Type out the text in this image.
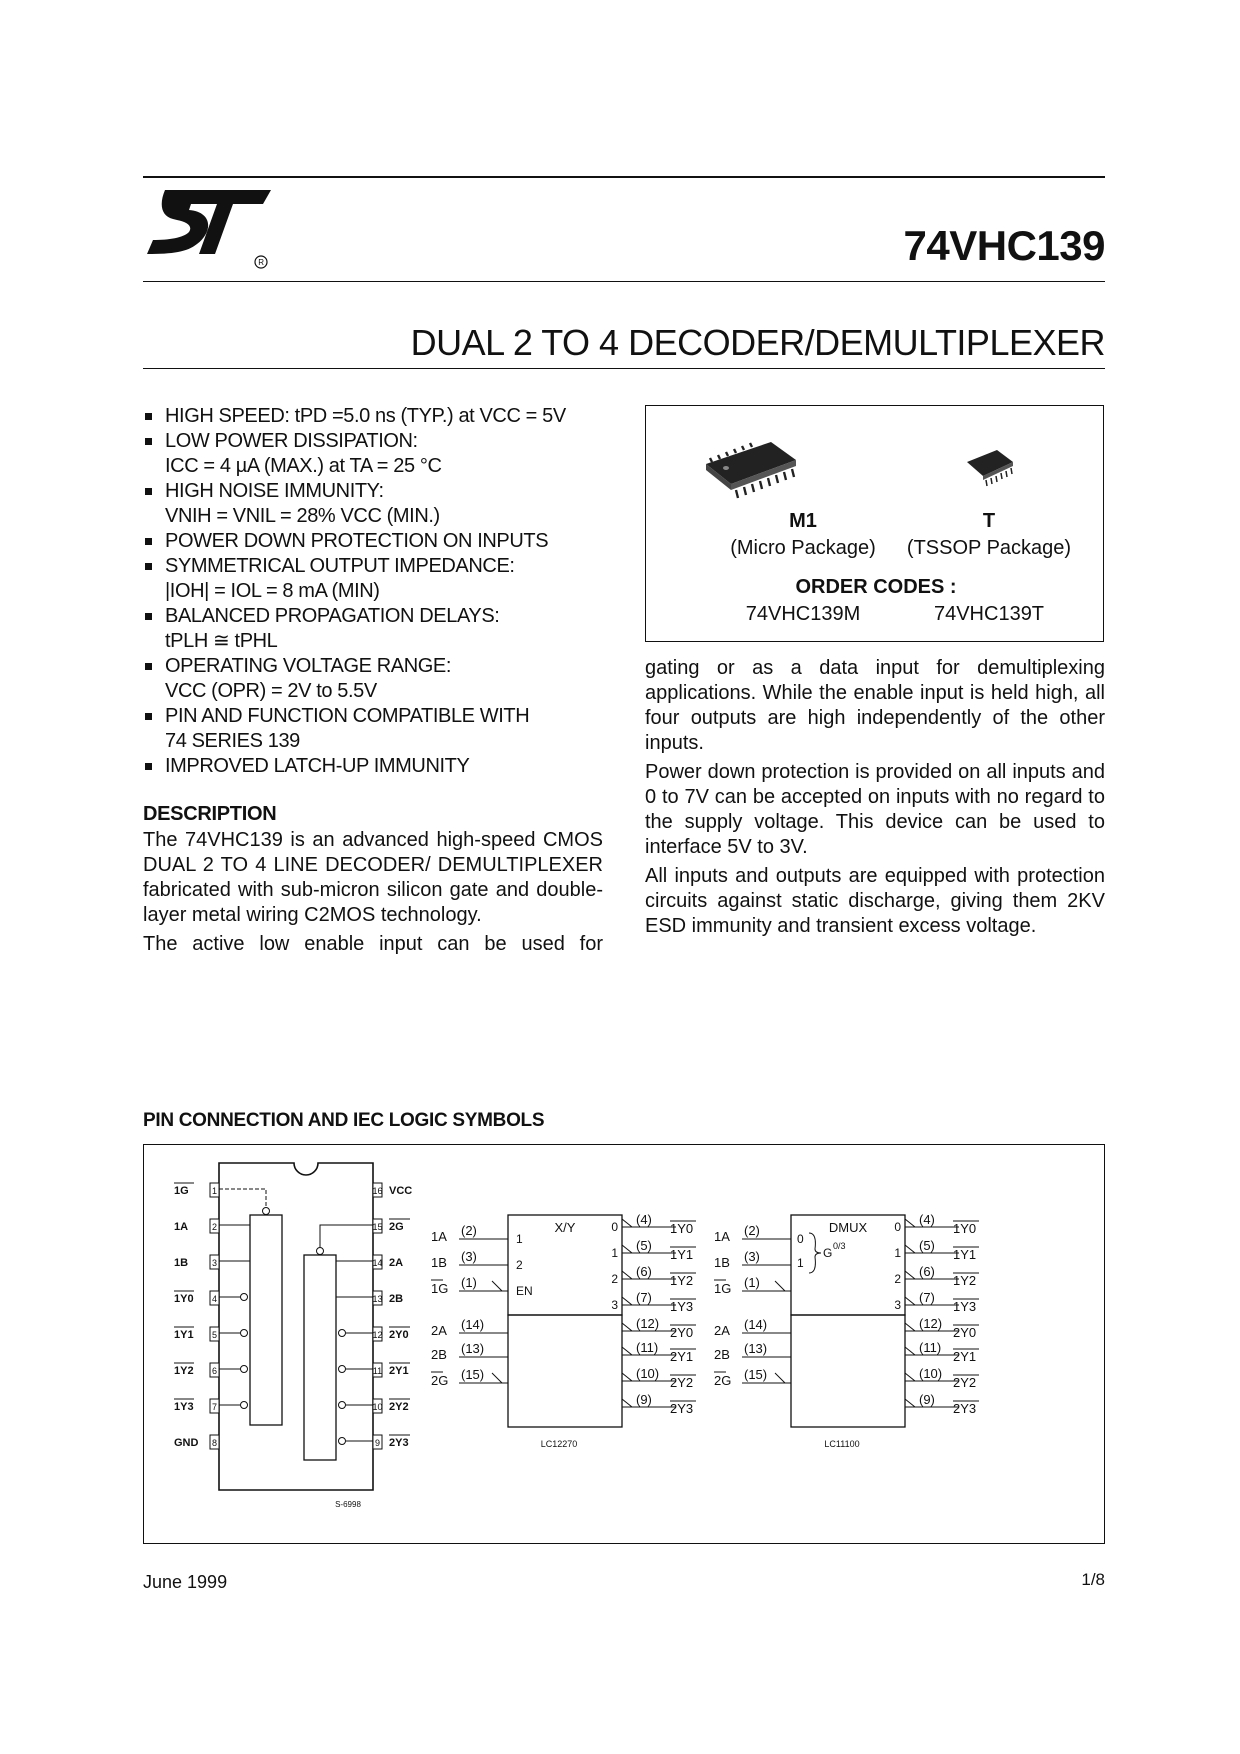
R	74VHC139
DUAL 2 TO 4 DECODER/DEMULTIPLEXER
HIGH SPEED: tPD =5.0 ns (TYP.) at VCC = 5V
LOW POWER DISSIPATION:
ICC = 4 µA (MAX.) at TA = 25 °C
HIGH NOISE IMMUNITY:
VNIH = VNIL = 28% VCC (MIN.)
POWER DOWN PROTECTION ON INPUTS
SYMMETRICAL OUTPUT IMPEDANCE:
|IOH| = IOL = 8 mA (MIN)
BALANCED PROPAGATION DELAYS:
tPLH ≅ tPHL
OPERATING VOLTAGE RANGE:
VCC (OPR) = 2V to 5.5V
PIN AND FUNCTION COMPATIBLE WITH
74 SERIES 139
IMPROVED LATCH-UP IMMUNITY
M1
(Micro Package)
T
(TSSOP Package)
ORDER CODES :
74VHC139M	74VHC139T
DESCRIPTION

The 74VHC139 is an advanced high-speed CMOS DUAL 2 TO 4 LINE DECODER/ DEMULTIPLEXER fabricated with sub-micron silicon gate and double-layer metal wiring C2MOS technology.

The active low enable input can be used for

gating or as a data input for demultiplexing applications. While the enable input is held high, all four outputs are high independently of the other inputs.

Power down protection is provided on all inputs and 0 to 7V can be accepted on inputs with no regard to the supply voltage. This device can be used to interface 5V to 3V.

All inputs and outputs are equipped with protection circuits against static discharge, giving them 2KV ESD immunity and transient excess voltage.

PIN CONNECTION AND IEC LOGIC SYMBOLS
1
1G	16 VCC
2
1A	15 2G
3
1B	14 2A
4
1Y0	13 2B
5
1Y1	12 2Y0
6
1Y2	11 2Y1
7
1Y3	10 2Y2
8
GND	9 2Y3
S-6998
X/Y
1A (2)
1B (3)
1G (1)
2A (14)
2B (13)
2G (15)
1
2
EN
0 (4)
1Y0
1 (5)
1Y1
2 (6)
1Y2
3 (7)
1Y3
(12)
2Y0
(11)
2Y1
(10)
2Y2
(9)
2Y3
LC12270
DMUX
1A (2)
1B (3)
1G (1)
2A (14)
2B (13)
2G (15)
0
1
G 0/3
0 (4)
1Y0
1 (5)
1Y1
2 (6)
1Y2
3 (7)
1Y3
(12)
2Y0
(11)
2Y1
(10)
2Y2
(9)
2Y3
LC11100
June 1999	1/8
